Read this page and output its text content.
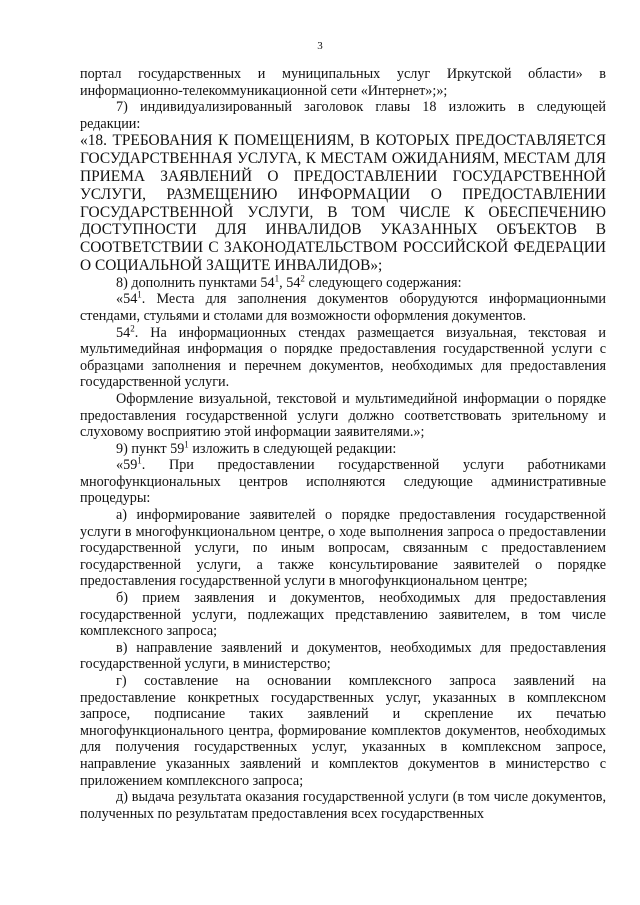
3

портал государственных и муниципальных услуг Иркутской области» в информационно-телекоммуникационной сети «Интернет»;»;

7) индивидуализированный заголовок главы 18 изложить в следующей редакции:

«18. ТРЕБОВАНИЯ К ПОМЕЩЕНИЯМ, В КОТОРЫХ ПРЕДОСТАВЛЯЕТСЯ ГОСУДАРСТВЕННАЯ УСЛУГА, К МЕСТАМ ОЖИДАНИЯМ, МЕСТАМ ДЛЯ ПРИЕМА ЗАЯВЛЕНИЙ О ПРЕДОСТАВЛЕНИИ ГОСУДАРСТВЕННОЙ УСЛУГИ, РАЗМЕЩЕНИЮ ИНФОРМАЦИИ О ПРЕДОСТАВЛЕНИИ ГОСУДАРСТВЕННОЙ УСЛУГИ, В ТОМ ЧИСЛЕ К ОБЕСПЕЧЕНИЮ ДОСТУПНОСТИ ДЛЯ ИНВАЛИДОВ УКАЗАННЫХ ОБЪЕКТОВ В СООТВЕТСТВИИ С ЗАКОНОДАТЕЛЬСТВОМ РОССИЙСКОЙ ФЕДЕРАЦИИ О СОЦИАЛЬНОЙ ЗАЩИТЕ ИНВАЛИДОВ»;

8) дополнить пунктами $54^1$, $54^2$ следующего содержания:

«$54^1$. Места для заполнения документов оборудуются информационными стендами, стульями и столами для возможности оформления документов.

$54^2$. На информационных стендах размещается визуальная, текстовая и мультимедийная информация о порядке предоставления государственной услуги с образцами заполнения и перечнем документов, необходимых для предоставления государственной услуги.

Оформление визуальной, текстовой и мультимедийной информации о порядке предоставления государственной услуги должно соответствовать зрительному и слуховому восприятию этой информации заявителями.»;

9) пункт $59^1$ изложить в следующей редакции:

«$59^1$. При предоставлении государственной услуги работниками многофункциональных центров исполняются следующие административные процедуры:

а) информирование заявителей о порядке предоставления государственной услуги в многофункциональном центре, о ходе выполнения запроса о предоставлении государственной услуги, по иным вопросам, связанным с предоставлением государственной услуги, а также консультирование заявителей о порядке предоставления государственной услуги в многофункциональном центре;

б) прием заявления и документов, необходимых для предоставления государственной услуги, подлежащих представлению заявителем, в том числе комплексного запроса;

в) направление заявлений и документов, необходимых для предоставления государственной услуги, в министерство;

г) составление на основании комплексного запроса заявлений на предоставление конкретных государственных услуг, указанных в комплексном запросе, подписание таких заявлений и скрепление их печатью многофункционального центра, формирование комплектов документов, необходимых для получения государственных услуг, указанных в комплексном запросе, направление указанных заявлений и комплектов документов в министерство с приложением комплексного запроса;

д) выдача результата оказания государственной услуги (в том числе документов, полученных по результатам предоставления всех государственных
